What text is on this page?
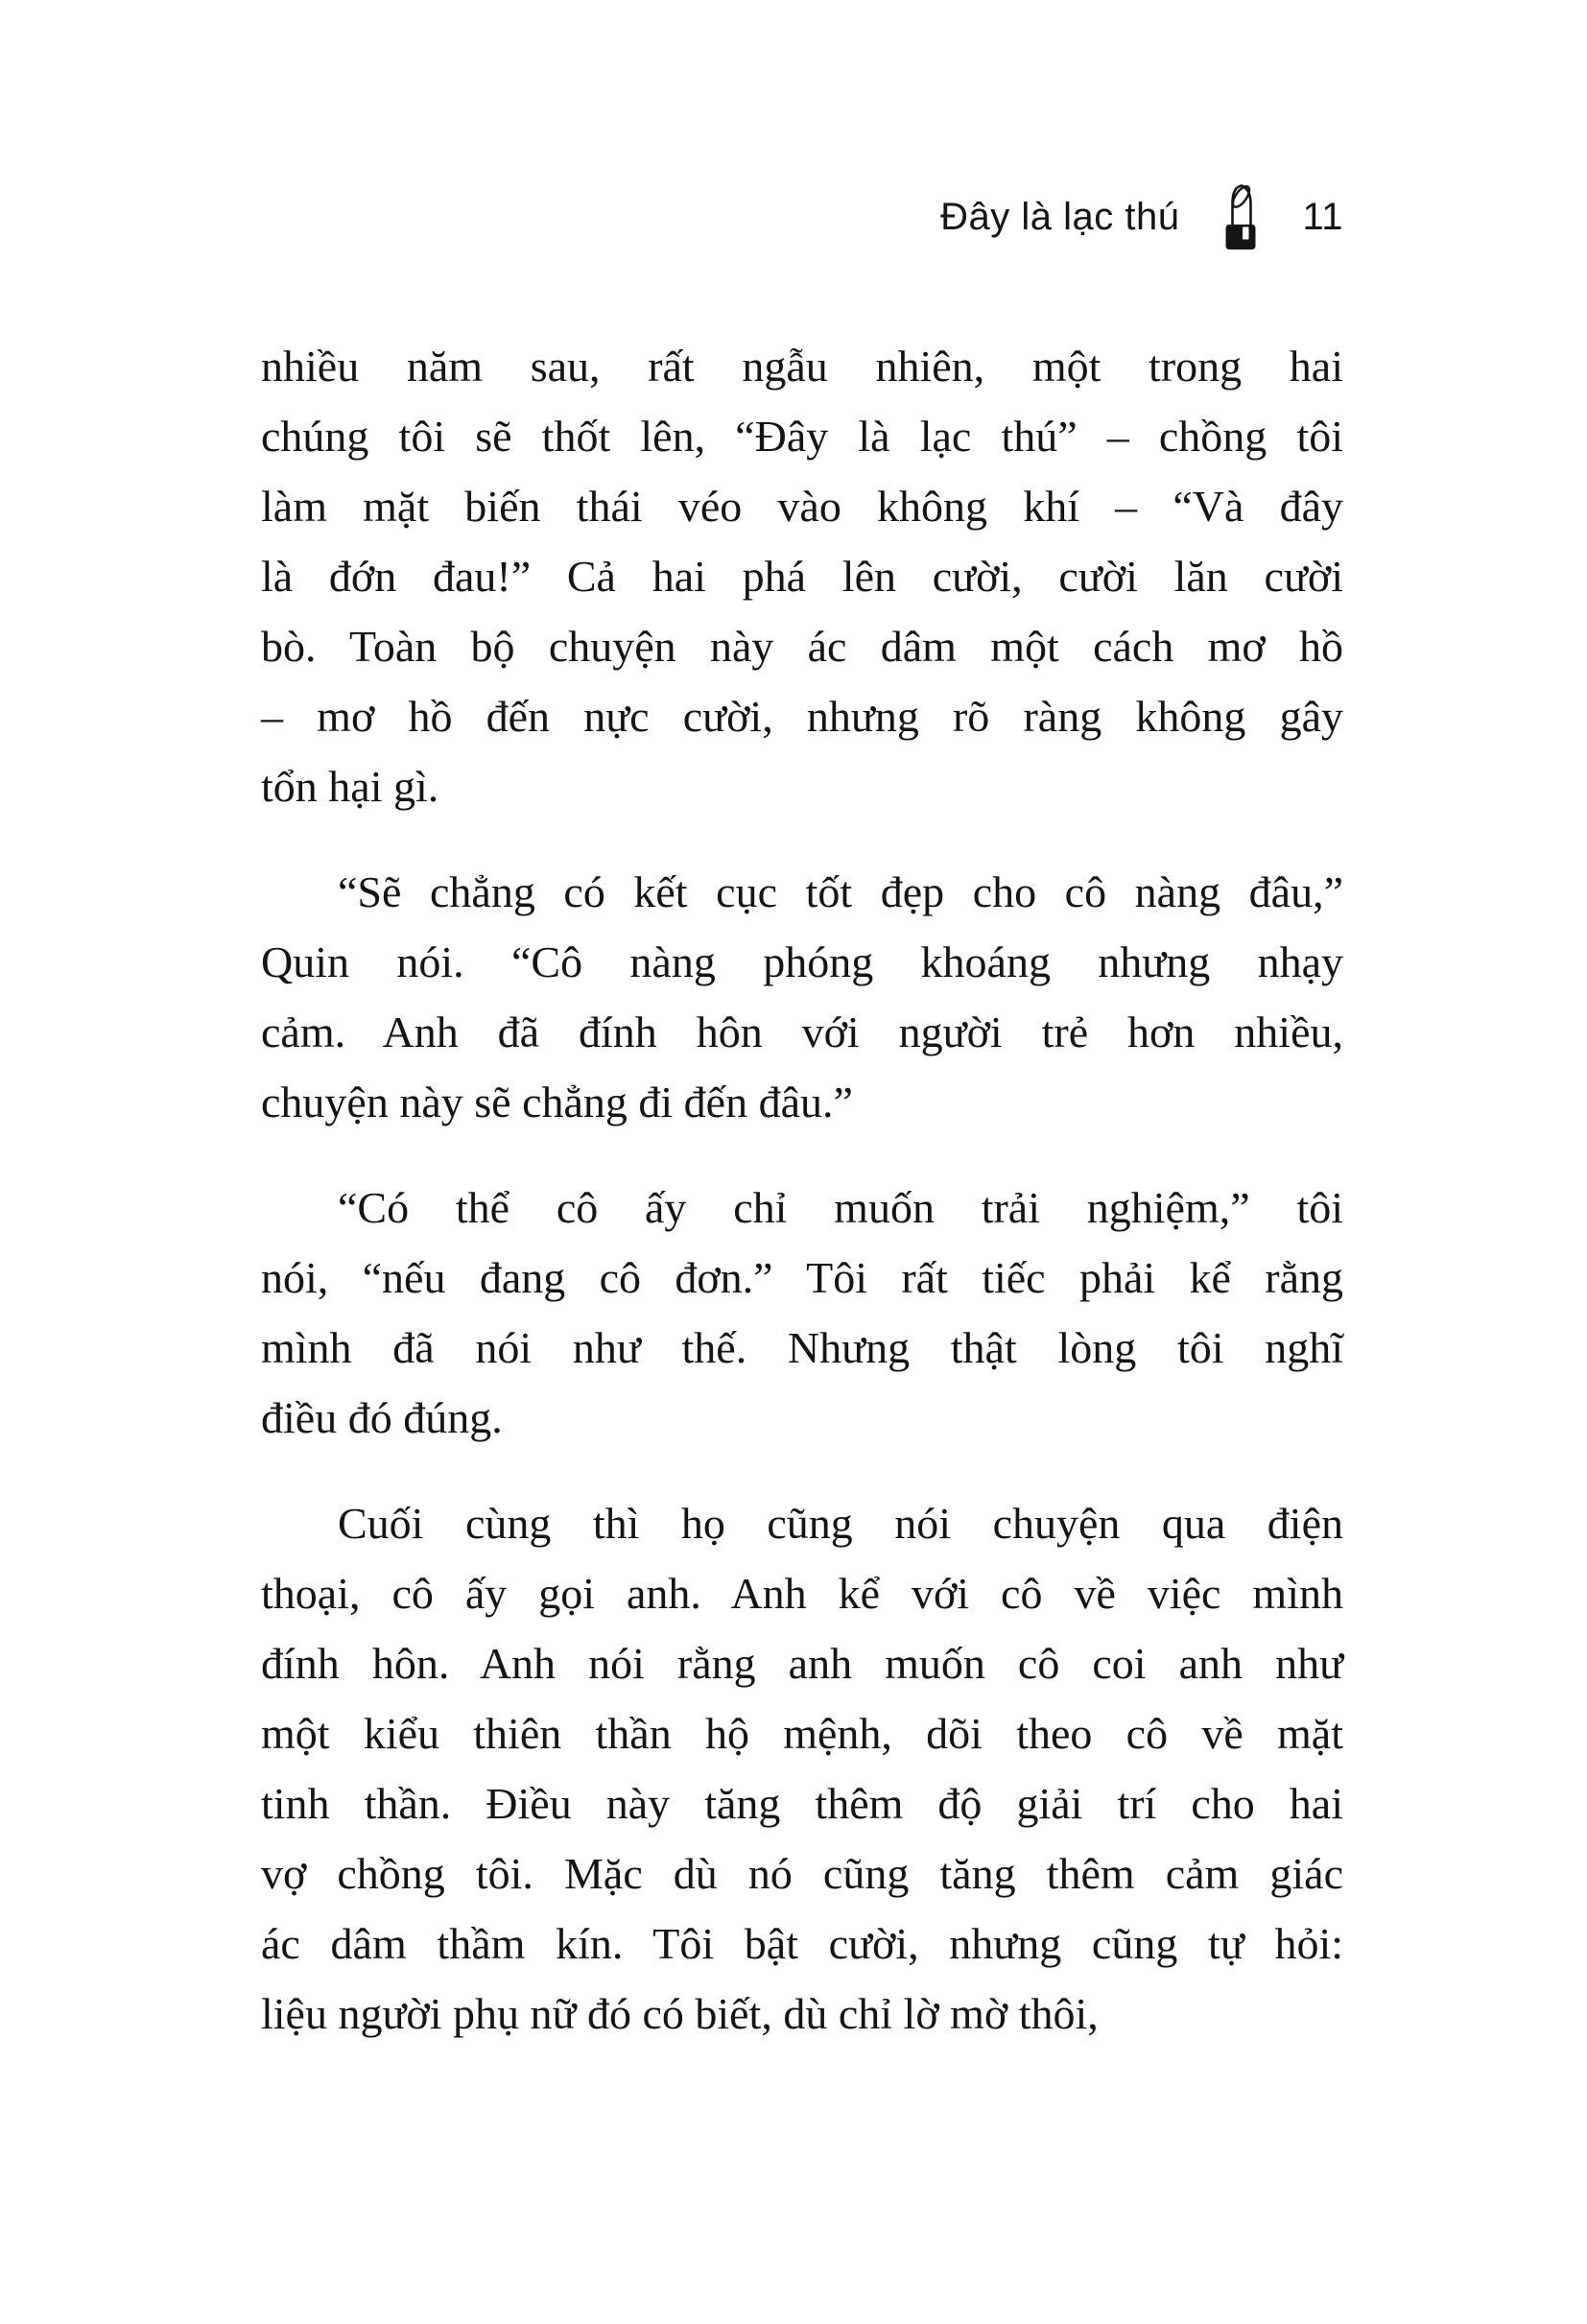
Đây là lạc thú	11
nhiều năm sau, rất ngẫu nhiên, một trong hai
chúng tôi sẽ thốt lên, “Đây là lạc thú” – chồng tôi
làm mặt biến thái véo vào không khí – “Và đây
là đớn đau!” Cả hai phá lên cười, cười lăn cười
bò. Toàn bộ chuyện này ác dâm một cách mơ hồ
– mơ hồ đến nực cười, nhưng rõ ràng không gây
tổn hại gì.
“Sẽ chẳng có kết cục tốt đẹp cho cô nàng đâu,”
Quin nói. “Cô nàng phóng khoáng nhưng nhạy
cảm. Anh đã đính hôn với người trẻ hơn nhiều,
chuyện này sẽ chẳng đi đến đâu.”
“Có thể cô ấy chỉ muốn trải nghiệm,” tôi
nói, “nếu đang cô đơn.” Tôi rất tiếc phải kể rằng
mình đã nói như thế. Nhưng thật lòng tôi nghĩ
điều đó đúng.
Cuối cùng thì họ cũng nói chuyện qua điện
thoại, cô ấy gọi anh. Anh kể với cô về việc mình
đính hôn. Anh nói rằng anh muốn cô coi anh như
một kiểu thiên thần hộ mệnh, dõi theo cô về mặt
tinh thần. Điều này tăng thêm độ giải trí cho hai
vợ chồng tôi. Mặc dù nó cũng tăng thêm cảm giác
ác dâm thầm kín. Tôi bật cười, nhưng cũng tự hỏi:
liệu người phụ nữ đó có biết, dù chỉ lờ mờ thôi,
